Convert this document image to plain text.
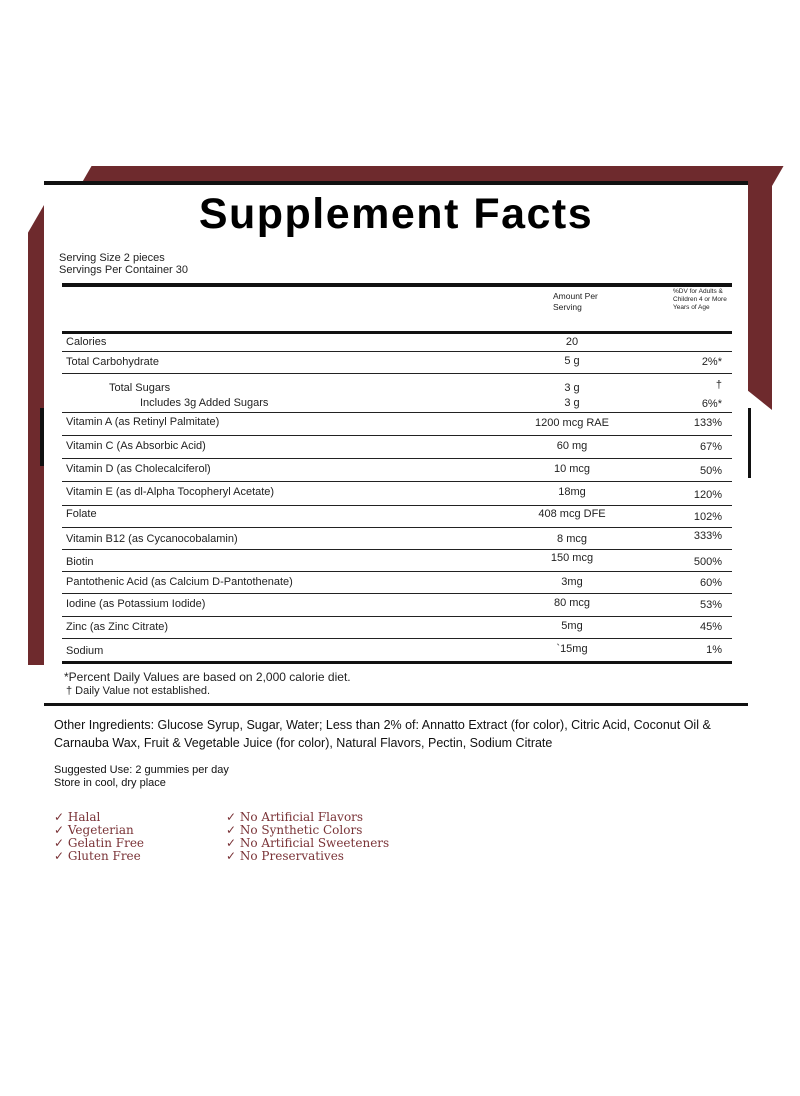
Supplement Facts
Serving Size 2 pieces
Servings Per Container 30
Amount Per Serving
%DV for Adults & Children 4 or More Years of Age
Calories	20
Total Carbohydrate	5 g	2%*
Total Sugars	3 g	†
Includes 3g Added Sugars	3 g	6%*
Vitamin A (as Retinyl Palmitate)	1200 mcg RAE	133%
Vitamin C (As Absorbic Acid)	60 mg	67%
Vitamin D (as Cholecalciferol)	10 mcg	50%
Vitamin E (as dl-Alpha Tocopheryl Acetate)	18mg	120%
Folate	408 mcg DFE	102%
Vitamin B12 (as Cycanocobalamin)	8 mcg	333%
Biotin	150 mcg	500%
Pantothenic Acid (as Calcium D-Pantothenate)	3mg	60%
Iodine (as Potassium Iodide)	80 mcg	53%
Zinc (as Zinc Citrate)	5mg	45%
Sodium	`15mg	1%
*Percent Daily Values are based on 2,000 calorie diet.
† Daily Value not established.
Other Ingredients: Glucose Syrup, Sugar, Water; Less than 2% of: Annatto Extract (for color), Citric Acid, Coconut Oil & Carnauba Wax, Fruit & Vegetable Juice (for color), Natural Flavors, Pectin, Sodium Citrate
Suggested Use: 2 gummies per day
Store in cool, dry place
✓ Halal
✓ Vegeterian
✓ Gelatin Free
✓ Gluten Free
✓ No Artificial Flavors
✓ No Synthetic Colors
✓ No Artificial Sweeteners
✓ No Preservatives
